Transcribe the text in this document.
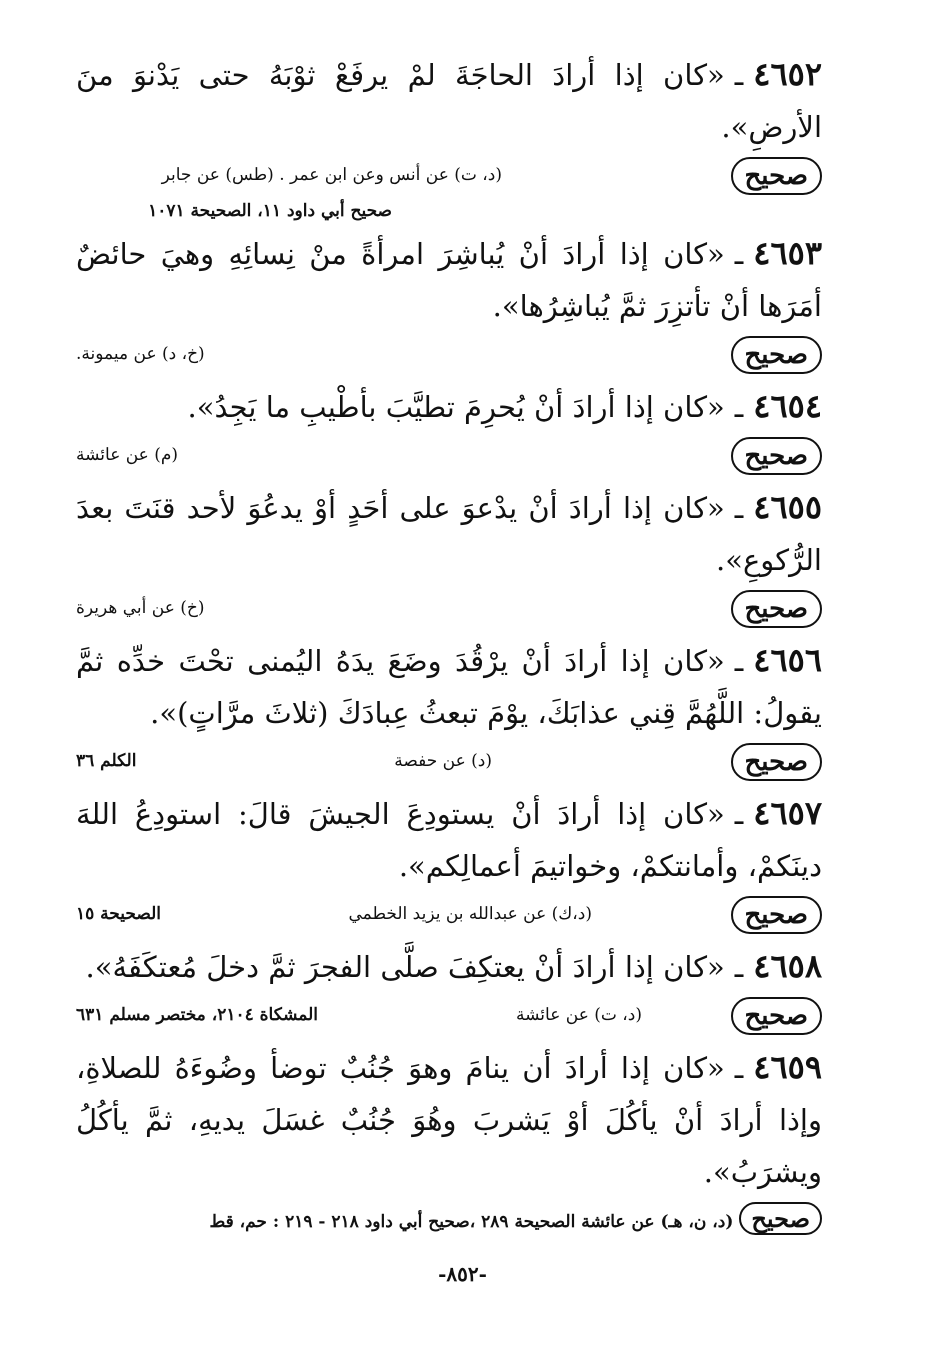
٤٦٥٢ـ«كان إذا أرادَ الحاجَةَ لمْ يرفَعْ ثوْبَهُ حتى يَدْنوَ منَ الأرضِ».

صحيح
(د، ت) عن أنس وعن ابن عمر . (طس) عن جابر
صحيح أبي داود ١١، الصحيحة ١٠٧١

٤٦٥٣ـ«كان إذا أرادَ أنْ يُباشِرَ امرأةً منْ نِسائِهِ وهيَ حائضٌ أمَرَها أنْ تأتزِرَ ثمَّ يُباشِرُها».

صحيح
(خ، د) عن ميمونة.

٤٦٥٤ـ«كان إذا أرادَ أنْ يُحرِمَ تطيَّبَ بأطْيبِ ما يَجِدُ».

صحيح
(م) عن عائشة

٤٦٥٥ـ«كان إذا أرادَ أنْ يدْعوَ على أحَدٍ أوْ يدعُوَ لأحد قنَتَ بعدَ الرُّكوعِ».

صحيح
(خ) عن أبي هريرة

٤٦٥٦ـ«كان إذا أرادَ أنْ يرْقُدَ وضَعَ يدَهُ اليُمنى تحْتَ خدِّه ثمَّ يقولُ: اللَّهُمَّ قِني عذابَكَ، يوْمَ تبعثُ عِبادَكَ (ثلاثَ مرَّاتٍ)».

صحيح
(د) عن حفصة
الكلم ٣٦

٤٦٥٧ـ«كان إذا أرادَ أنْ يستودِعَ الجيشَ قالَ: استودِعُ اللهَ دينَكمْ، وأمانتكمْ، وخواتيمَ أعمالِكم».

صحيح
(د،ك) عن عبدالله بن يزيد الخطمي
الصحيحة ١٥

٤٦٥٨ـ«كان إذا أرادَ أنْ يعتكِفَ صلَّى الفجرَ ثمَّ دخلَ مُعتكَفَهُ».

صحيح
(د، ت) عن عائشة
المشكاة ٢١٠٤، مختصر مسلم ٦٣١

٤٦٥٩ـ«كان إذا أرادَ أن ينامَ وهوَ جُنُبٌ توضأ وضُوءَهُ للصلاةِ، وإذا أرادَ أنْ يأكُلَ أوْ يَشربَ وهُوَ جُنُبٌ غسَلَ يديهِ، ثمَّ يأكُلُ ويشرَبُ».

صحيح(د، ن، هـ) عن عائشة الصحيحة ٢٨٩ ،صحيح أبي داود ٢١٨ - ٢١٩ : حم، قط
-٨٥٢-
